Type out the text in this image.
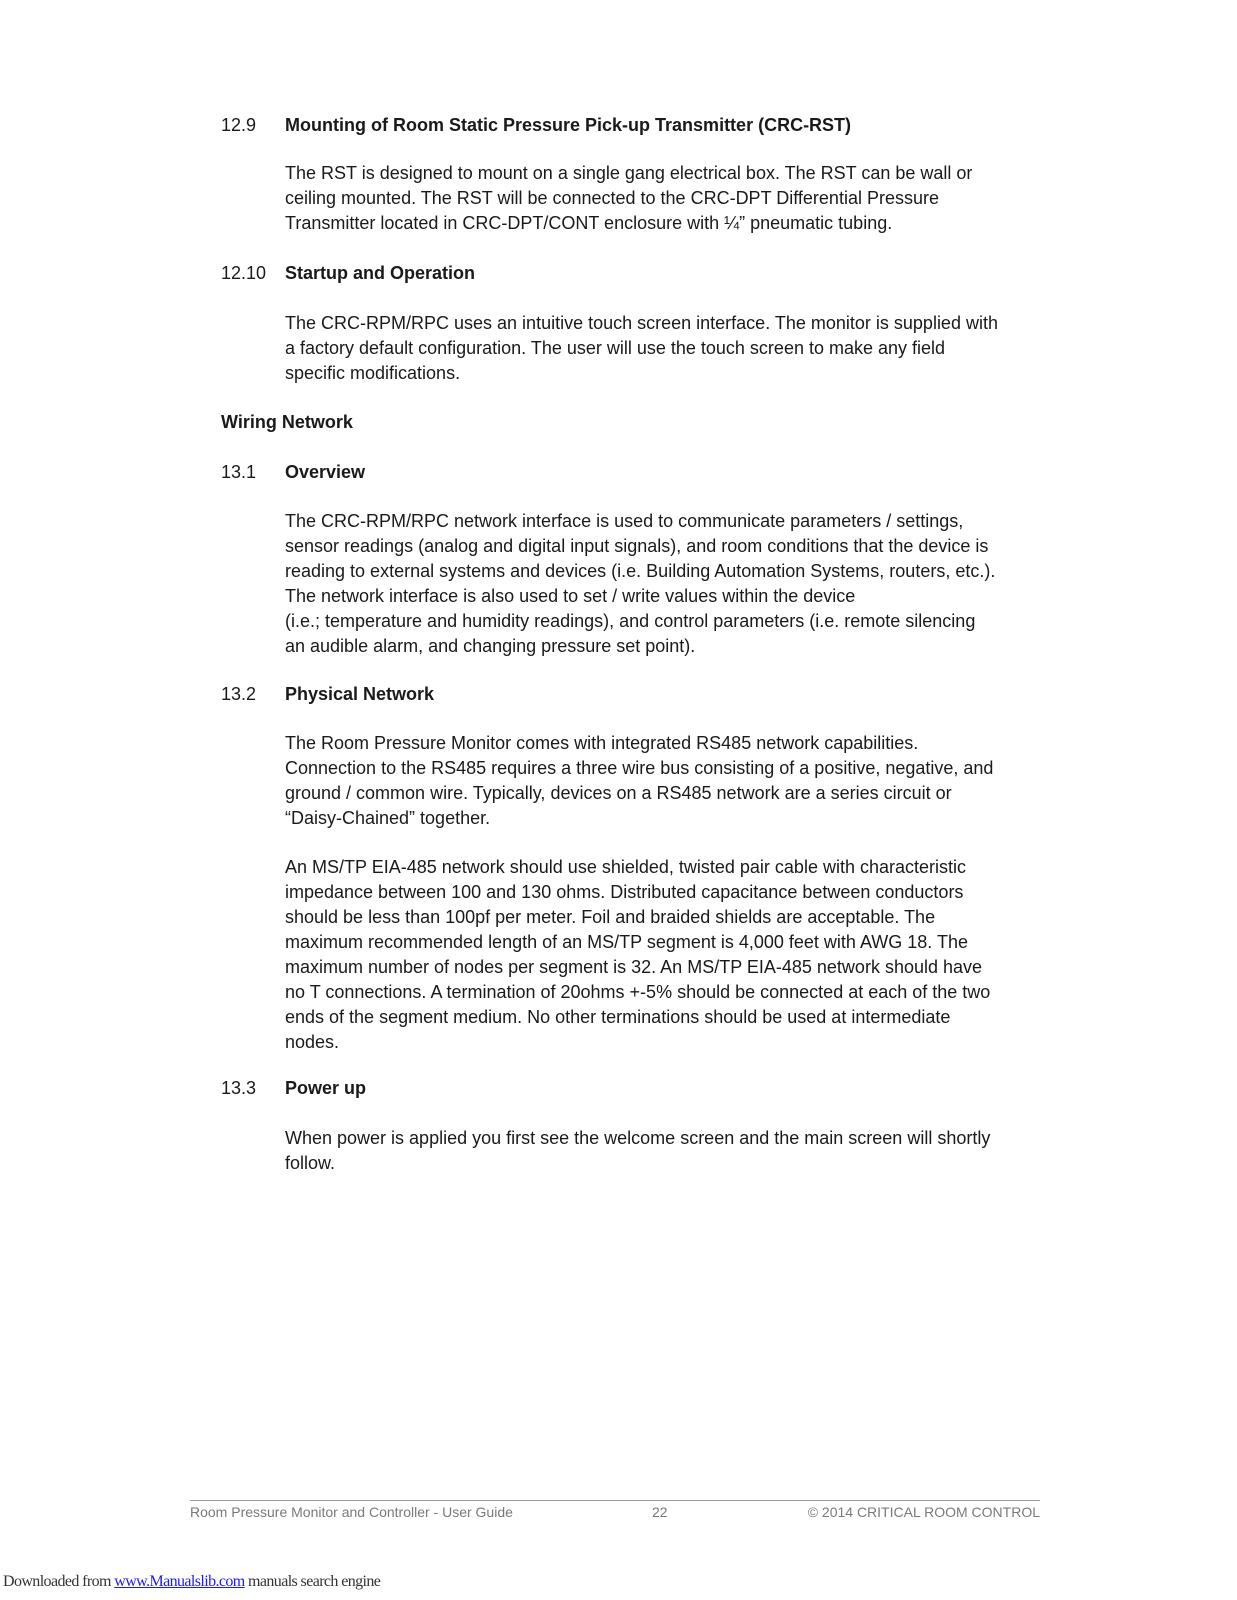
12.9 Mounting of Room Static Pressure Pick-up Transmitter (CRC-RST)
The RST is designed to mount on a single gang electrical box. The RST can be wall or
ceiling mounted. The RST will be connected to the CRC-DPT Differential Pressure
Transmitter located in CRC-DPT/CONT enclosure with ¼” pneumatic tubing.
12.10 Startup and Operation
The CRC-RPM/RPC uses an intuitive touch screen interface. The monitor is supplied with
a factory default configuration. The user will use the touch screen to make any field
specific modifications.
Wiring Network
13.1 Overview
The CRC-RPM/RPC network interface is used to communicate parameters / settings,
sensor readings (analog and digital input signals), and room conditions that the device is
reading to external systems and devices (i.e. Building Automation Systems, routers, etc.).
The network interface is also used to set / write values within the device
(i.e.; temperature and humidity readings), and control parameters (i.e. remote silencing
an audible alarm, and changing pressure set point).
13.2 Physical Network
The Room Pressure Monitor comes with integrated RS485 network capabilities.
Connection to the RS485 requires a three wire bus consisting of a positive, negative, and
ground / common wire. Typically, devices on a RS485 network are a series circuit or
“Daisy-Chained” together.
An MS/TP EIA-485 network should use shielded, twisted pair cable with characteristic
impedance between 100 and 130 ohms. Distributed capacitance between conductors
should be less than 100pf per meter. Foil and braided shields are acceptable. The
maximum recommended length of an MS/TP segment is 4,000 feet with AWG 18. The
maximum number of nodes per segment is 32. An MS/TP EIA-485 network should have
no T connections. A termination of 20ohms +-5% should be connected at each of the two
ends of the segment medium. No other terminations should be used at intermediate
nodes.
13.3 Power up
When power is applied you first see the welcome screen and the main screen will shortly
follow.
Room Pressure Monitor and Controller - User Guide	22	© 2014 CRITICAL ROOM CONTROL
Downloaded from www.Manualslib.com manuals search engine
